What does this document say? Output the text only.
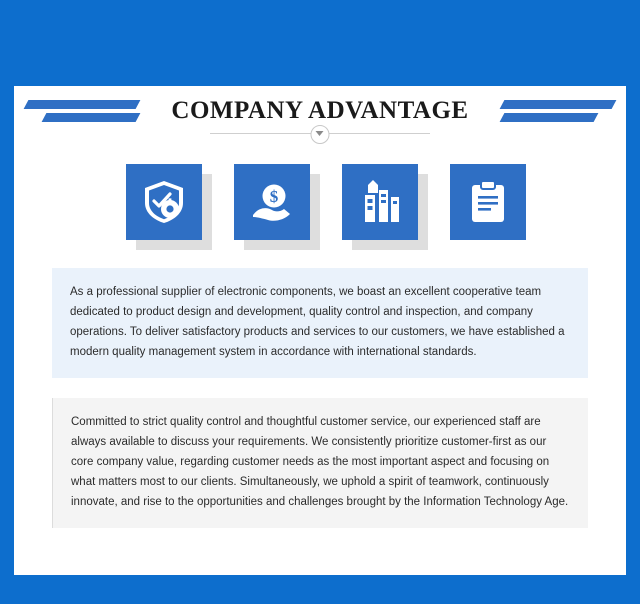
COMPANY ADVANTAGE
$

As a professional supplier of electronic components, we boast an excellent cooperative team dedicated to product design and development, quality control and inspection, and company operations. To deliver satisfactory products and services to our customers, we have established a modern quality management system in accordance with international standards.

Committed to strict quality control and thoughtful customer service, our experienced staff are always available to discuss your requirements. We consistently prioritize customer-first as our core company value, regarding customer needs as the most important aspect and focusing on what matters most to our clients. Simultaneously, we uphold a spirit of teamwork, continuously innovate, and rise to the opportunities and challenges brought by the Information Technology Age.
